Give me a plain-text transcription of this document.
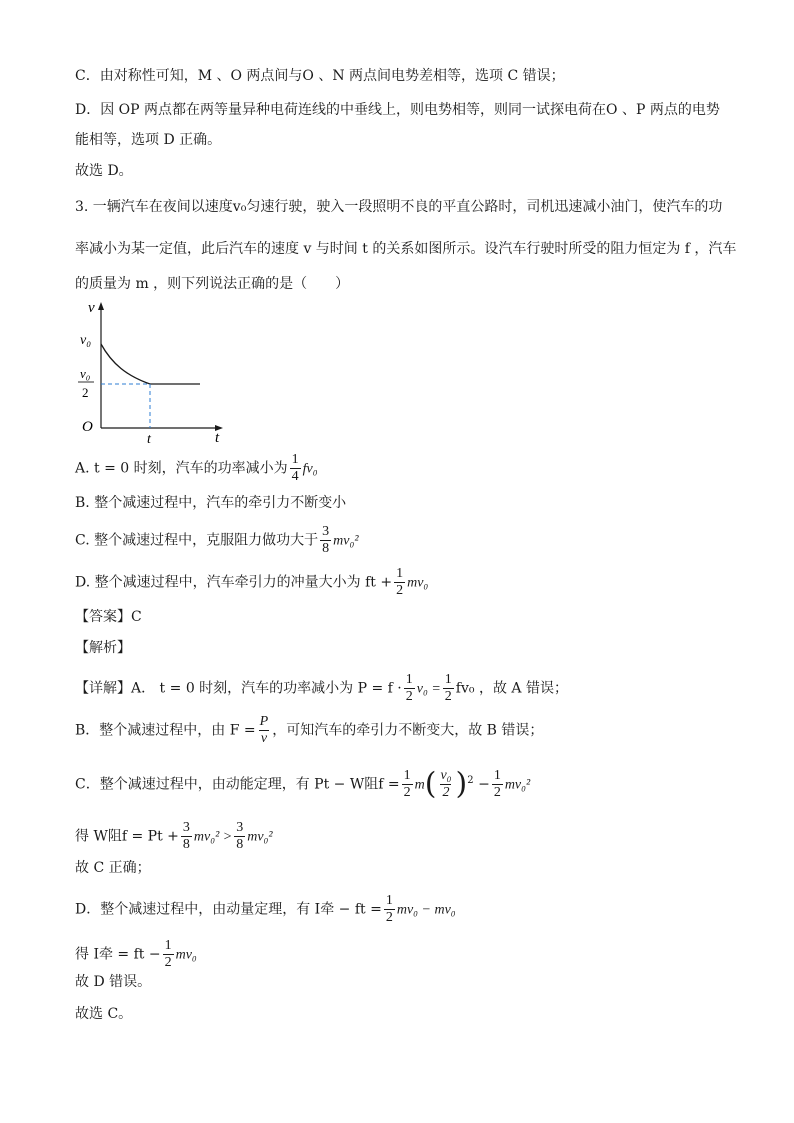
C．由对称性可知，M 、O 两点间与O 、N 两点间电势差相等，选项 C 错误；
D．因 OP 两点都在两等量异种电荷连线的中垂线上，则电势相等，则同一试探电荷在O 、P 两点的电势
能相等，选项 D 正确。
故选 D。
3. 一辆汽车在夜间以速度v₀匀速行驶，驶入一段照明不良的平直公路时，司机迅速减小油门，使汽车的功
率减小为某一定值，此后汽车的速度 v 与时间 t 的关系如图所示。设汽车行驶时所受的阻力恒定为 f ，汽车
的质量为 m ，则下列说法正确的是（　　）
v
v₀
v₀
2
O
t	t
A. t = 0 时刻，汽车的功率减小为 $\frac{1}{4} fv_0$
B. 整个减速过程中，汽车的牵引力不断变小
C. 整个减速过程中，克服阻力做功大于 $\frac{3}{8} mv_0^2$
D. 整个减速过程中，汽车牵引力的冲量大小为 ft + $\frac{1}{2} mv_0$
【答案】C
【解析】
【详解】A． t = 0 时刻，汽车的功率减小为 $P = f \cdot \frac{1}{2} v_0 = \frac{1}{2} fv_0$ ，故 A 错误；
B．整个减速过程中，由 $F = \frac{P}{v}$ ，可知汽车的牵引力不断变大，故 B 错误；
C．整个减速过程中，由动能定理，有 Pt − W阻$f = \frac{1}{2} m( \frac{\text{v₀}}{2} )^2 - \frac{1}{2} mv_0^2$
得 W阻$f = Pt + \frac{3}{8} mv_0^2 > \frac{3}{8} mv_0^2$
故 C 正确；
D．整个减速过程中，由动量定理，有 I牵 − ft = $\frac{1}{2} mv_0 - mv_0$
得 I牵 = ft − $\frac{1}{2} mv_0$
故 D 错误。
故选 C。
